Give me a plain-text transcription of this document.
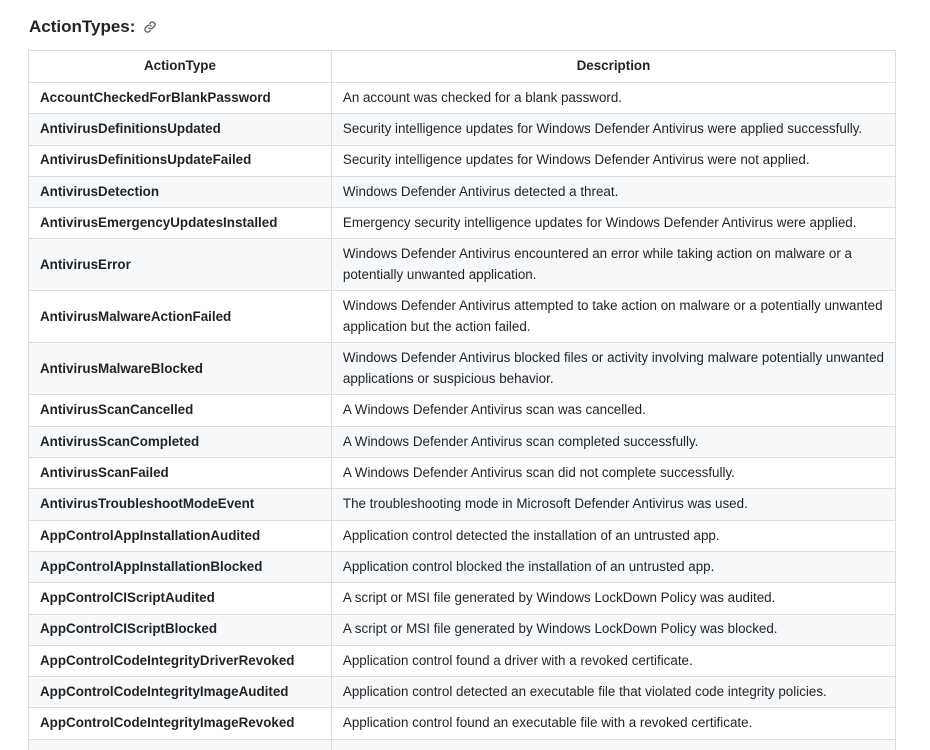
ActionTypes:
ActionType	Description
AccountCheckedForBlankPassword	An account was checked for a blank password.
AntivirusDefinitionsUpdated	Security intelligence updates for Windows Defender Antivirus were applied successfully.
AntivirusDefinitionsUpdateFailed	Security intelligence updates for Windows Defender Antivirus were not applied.
AntivirusDetection	Windows Defender Antivirus detected a threat.
AntivirusEmergencyUpdatesInstalled	Emergency security intelligence updates for Windows Defender Antivirus were applied.
AntivirusError	Windows Defender Antivirus encountered an error while taking action on malware or a potentially unwanted application.
AntivirusMalwareActionFailed	Windows Defender Antivirus attempted to take action on malware or a potentially unwanted application but the action failed.
AntivirusMalwareBlocked	Windows Defender Antivirus blocked files or activity involving malware potentially unwanted applications or suspicious behavior.
AntivirusScanCancelled	A Windows Defender Antivirus scan was cancelled.
AntivirusScanCompleted	A Windows Defender Antivirus scan completed successfully.
AntivirusScanFailed	A Windows Defender Antivirus scan did not complete successfully.
AntivirusTroubleshootModeEvent	The troubleshooting mode in Microsoft Defender Antivirus was used.
AppControlAppInstallationAudited	Application control detected the installation of an untrusted app.
AppControlAppInstallationBlocked	Application control blocked the installation of an untrusted app.
AppControlCIScriptAudited	A script or MSI file generated by Windows LockDown Policy was audited.
AppControlCIScriptBlocked	A script or MSI file generated by Windows LockDown Policy was blocked.
AppControlCodeIntegrityDriverRevoked	Application control found a driver with a revoked certificate.
AppControlCodeIntegrityImageAudited	Application control detected an executable file that violated code integrity policies.
AppControlCodeIntegrityImageRevoked	Application control found an executable file with a revoked certificate.
